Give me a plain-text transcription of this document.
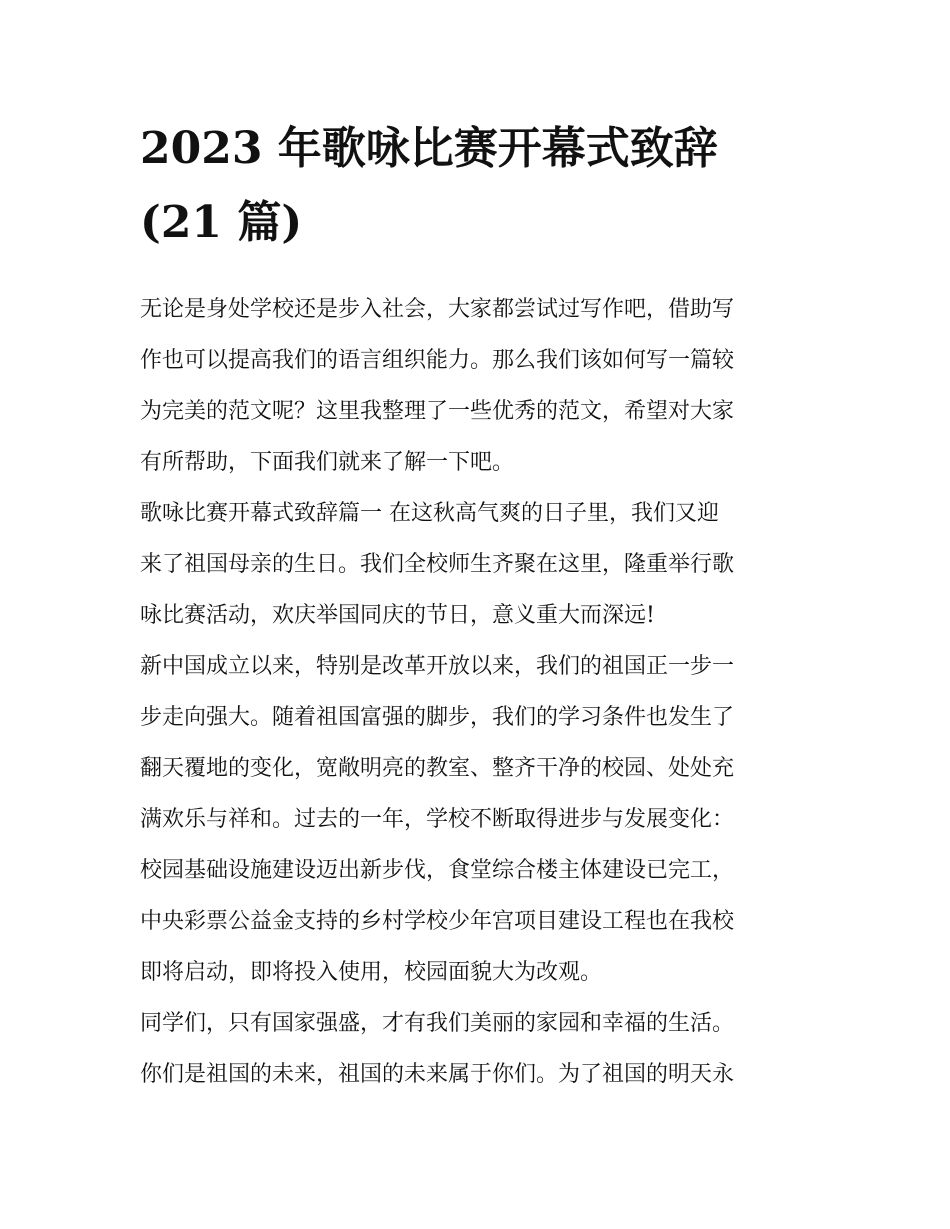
2023 年歌咏比赛开幕式致辞
(21 篇)

无论是身处学校还是步入社会，大家都尝试过写作吧，借助写
作也可以提高我们的语言组织能力。那么我们该如何写一篇较
为完美的范文呢？这里我整理了一些优秀的范文，希望对大家
有所帮助，下面我们就来了解一下吧。

歌咏比赛开幕式致辞篇一 在这秋高气爽的日子里，我们又迎
来了祖国母亲的生日。我们全校师生齐聚在这里，隆重举行歌
咏比赛活动，欢庆举国同庆的节日，意义重大而深远!

新中国成立以来，特别是改革开放以来，我们的祖国正一步一
步走向强大。随着祖国富强的脚步，我们的学习条件也发生了
翻天覆地的变化，宽敞明亮的教室、整齐干净的校园、处处充
满欢乐与祥和。过去的一年，学校不断取得进步与发展变化：
校园基础设施建设迈出新步伐，食堂综合楼主体建设已完工，
中央彩票公益金支持的乡村学校少年宫项目建设工程也在我校
即将启动，即将投入使用，校园面貌大为改观。

同学们，只有国家强盛，才有我们美丽的家园和幸福的生活。
你们是祖国的未来，祖国的未来属于你们。为了祖国的明天永
